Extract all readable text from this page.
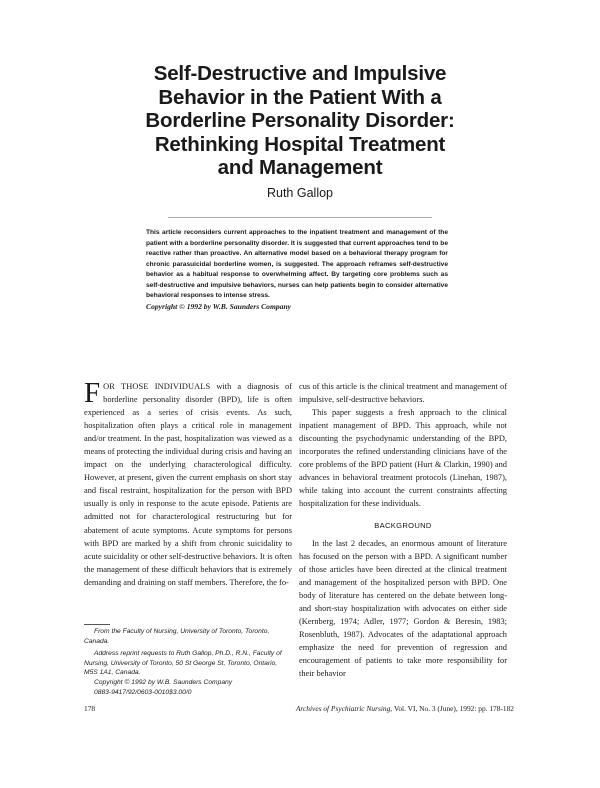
Self-Destructive and Impulsive
Behavior in the Patient With a
Borderline Personality Disorder:
Rethinking Hospital Treatment
and Management
Ruth Gallop
This article reconsiders current approaches to the inpatient treatment and management of the patient with a borderline personality disorder. It is suggested that current approaches tend to be reactive rather than proactive. An alternative model based on a behavioral therapy program for chronic parasuicidal borderline women, is suggested. The approach reframes self-destructive behavior as a habitual response to overwhelming affect. By targeting core problems such as self-destructive and impulsive behaviors, nurses can help patients begin to consider alternative behavioral responses to intense stress.
Copyright © 1992 by W.B. Saunders Company

FOR THOSE INDIVIDUALS with a diagnosis of borderline personality disorder (BPD), life is often experienced as a series of crisis events. As such, hospitalization often plays a critical role in management and/or treatment. In the past, hospitalization was viewed as a means of protecting the individual during crisis and having an impact on the underlying characterological difficulty. However, at present, given the current emphasis on short stay and fiscal restraint, hospitalization for the person with BPD usually is only in response to the acute episode. Patients are admitted not for characterological restructuring but for abatement of acute symptoms. Acute symptoms for persons with BPD are marked by a shift from chronic suicidality to acute suicidality or other self-destructive behaviors. It is often the management of these difficult behaviors that is extremely demanding and draining on staff members. Therefore, the fo-

cus of this article is the clinical treatment and management of impulsive, self-destructive behaviors.

This paper suggests a fresh approach to the clinical inpatient management of BPD. This approach, while not discounting the psychodynamic understanding of the BPD, incorporates the refined understanding clinicians have of the core problems of the BPD patient (Hurt & Clarkin, 1990) and advances in behavioral treatment protocols (Linehan, 1987), while taking into account the current constraints affecting hospitalization for these individuals.

BACKGROUND

In the last 2 decades, an enormous amount of literature has focused on the person with a BPD. A significant number of those articles have been directed at the clinical treatment and management of the hospitalized person with BPD. One body of literature has centered on the debate between long- and short-stay hospitalization with advocates on either side (Kernberg, 1974; Adler, 1977; Gordon & Beresin, 1983; Rosenbluth, 1987). Advocates of the adaptational approach emphasize the need for prevention of regression and encouragement of patients to take more responsibility for their behavior

From the Faculty of Nursing, University of Toronto, Toronto, Canada.

Address reprint requests to Ruth Gallop, Ph.D., R.N., Faculty of Nursing, University of Toronto, 50 St George St, Toronto, Ontario, M5S 1A1, Canada.

Copyright © 1992 by W.B. Saunders Company

0883-9417/92/0603-0010$3.00/0

178	Archives of Psychiatric Nursing, Vol. VI, No. 3 (June), 1992: pp. 178-182
